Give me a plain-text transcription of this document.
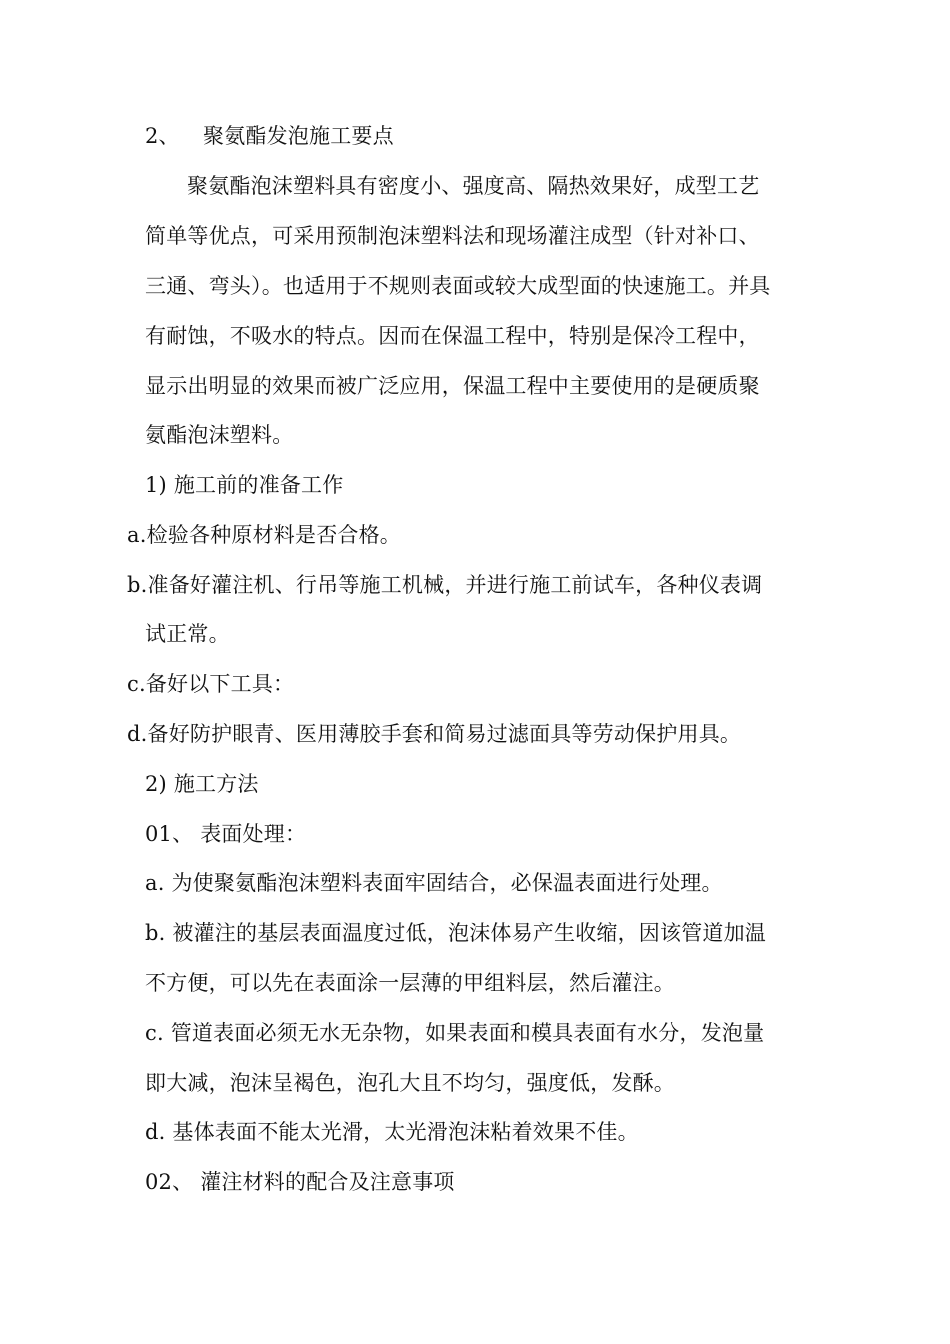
2、 聚氨酯发泡施工要点
聚氨酯泡沫塑料具有密度小、强度高、隔热效果好，成型工艺
简单等优点，可采用预制泡沫塑料法和现场灌注成型（针对补口、
三通、弯头）。也适用于不规则表面或较大成型面的快速施工。并具
有耐蚀，不吸水的特点。因而在保温工程中，特别是保冷工程中，
显示出明显的效果而被广泛应用，保温工程中主要使用的是硬质聚
氨酯泡沫塑料。
1) 施工前的准备工作
a.检验各种原材料是否合格。
b.准备好灌注机、行吊等施工机械，并进行施工前试车，各种仪表调
试正常。
c.备好以下工具：
d.备好防护眼青、医用薄胶手套和简易过滤面具等劳动保护用具。
2) 施工方法
01、 表面处理：
a. 为使聚氨酯泡沫塑料表面牢固结合，必保温表面进行处理。
b. 被灌注的基层表面温度过低，泡沫体易产生收缩，因该管道加温
不方便，可以先在表面涂一层薄的甲组料层，然后灌注。
c. 管道表面必须无水无杂物，如果表面和模具表面有水分，发泡量
即大减，泡沫呈褐色，泡孔大且不均匀，强度低，发酥。
d. 基体表面不能太光滑，太光滑泡沫粘着效果不佳。
02、 灌注材料的配合及注意事项
